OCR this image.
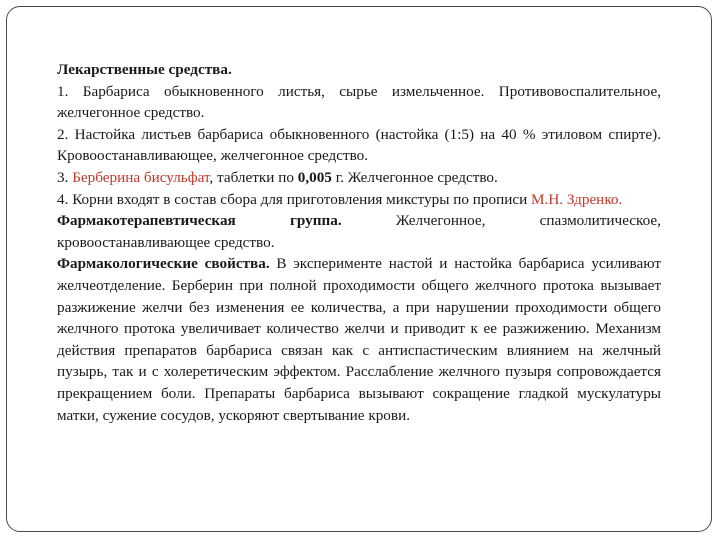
Лекарственные средства.

1. Барбариса обыкновенного листья, сырье измельченное. Противовоспалительное, желчегонное средство.

2. Настойка листьев барбариса обыкновенного (настойка (1:5) на 40 % этиловом спирте). Кровоостанавливающее, желчегонное средство.

3. Берберина бисульфат, таблетки по 0,005 г. Желчегонное средство.

4. Корни входят в состав сбора для приготовления микстуры по прописи М.Н. Здренко.

Фармакотерапевтическая группа. Желчегонное, спазмолитическое, кровоостанавливающее средство.

Фармакологические свойства. В эксперименте настой и настойка барбариса усиливают желчеотделение. Берберин при полной проходимости общего желчного протока вызывает разжижение желчи без изменения ее количества, а при нарушении проходимости общего желчного протока увеличивает количество желчи и приводит к ее разжижению. Механизм действия препаратов барбариса связан как с антиспастическим влиянием на желчный пузырь, так и с холеретическим эффектом. Расслабление желчного пузыря сопровождается прекращением боли. Препараты барбариса вызывают сокращение гладкой мускулатуры матки, сужение сосудов, ускоряют свертывание крови.
